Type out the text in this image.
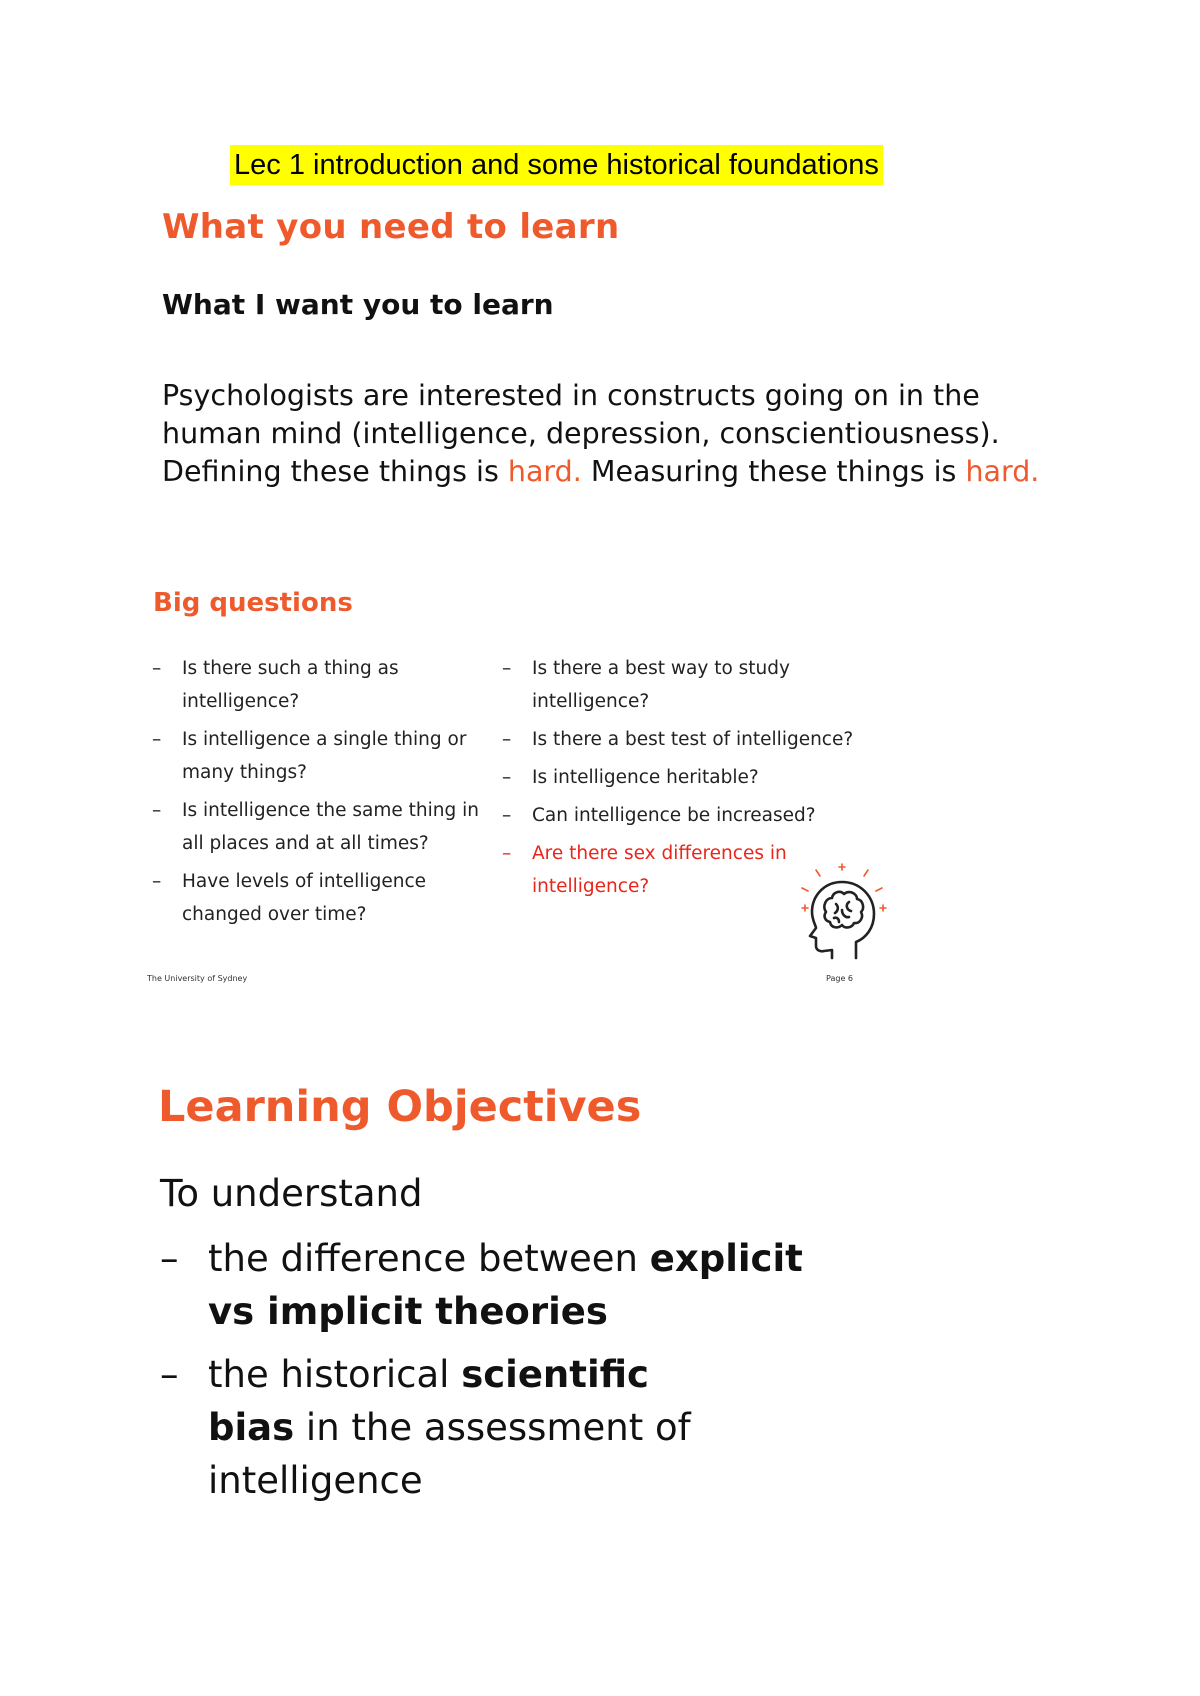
Lec 1 introduction and some historical foundations
What you need to learn
What I want you to learn
Psychologists are interested in constructs going on in the human mind (intelligence, depression, conscientiousness). Defining these things is hard. Measuring these things is hard.
Big questions
–	Is there such a thing as intelligence?
–	Is intelligence a single thing or many things?
–	Is intelligence the same thing in all places and at all times?
–	Have levels of intelligence changed over time?
–	Is there a best way to study intelligence?
–	Is there a best test of intelligence?
–	Is intelligence heritable?
–	Can intelligence be increased?
–	Are there sex differences in intelligence?
The University of Sydney	Page 6
Learning Objectives
To understand
– the difference between explicit vs implicit theories
– the historical scientific bias in the assessment of intelligence
